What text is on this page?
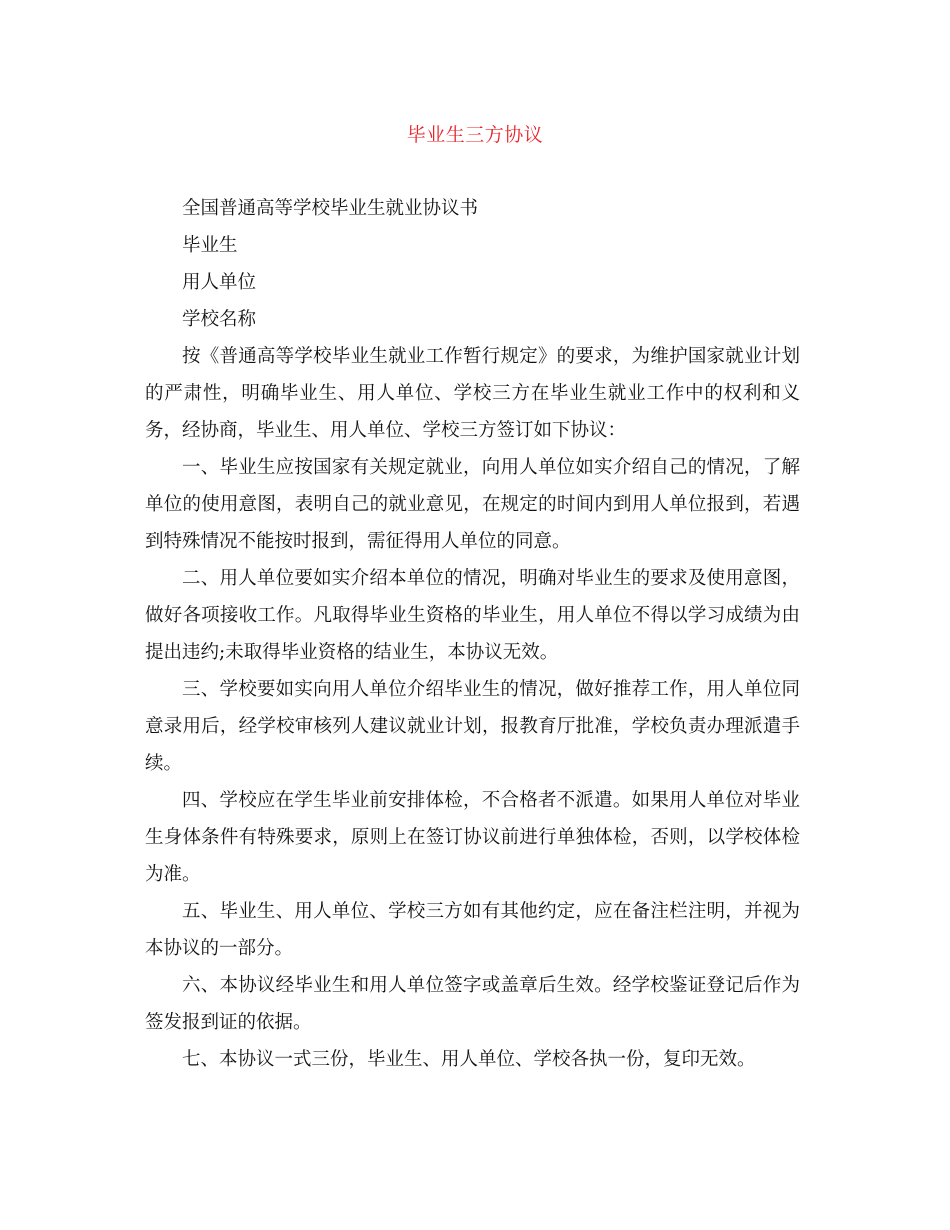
毕业生三方协议

全国普通高等学校毕业生就业协议书

毕业生

用人单位

学校名称

按《普通高等学校毕业生就业工作暂行规定》的要求，为维护国家就业计划的严肃性，明确毕业生、用人单位、学校三方在毕业生就业工作中的权利和义务，经协商，毕业生、用人单位、学校三方签订如下协议：

一、毕业生应按国家有关规定就业，向用人单位如实介绍自己的情况，了解单位的使用意图，表明自己的就业意见，在规定的时间内到用人单位报到，若遇到特殊情况不能按时报到，需征得用人单位的同意。

二、用人单位要如实介绍本单位的情况，明确对毕业生的要求及使用意图，做好各项接收工作。凡取得毕业生资格的毕业生，用人单位不得以学习成绩为由提出违约;未取得毕业资格的结业生，本协议无效。

三、学校要如实向用人单位介绍毕业生的情况，做好推荐工作，用人单位同意录用后，经学校审核列人建议就业计划，报教育厅批准，学校负责办理派遣手续。

四、学校应在学生毕业前安排体检，不合格者不派遣。如果用人单位对毕业生身体条件有特殊要求，原则上在签订协议前进行单独体检，否则，以学校体检为准。

五、毕业生、用人单位、学校三方如有其他约定，应在备注栏注明，并视为本协议的一部分。

六、本协议经毕业生和用人单位签字或盖章后生效。经学校鉴证登记后作为签发报到证的依据。

七、本协议一式三份，毕业生、用人单位、学校各执一份，复印无效。
